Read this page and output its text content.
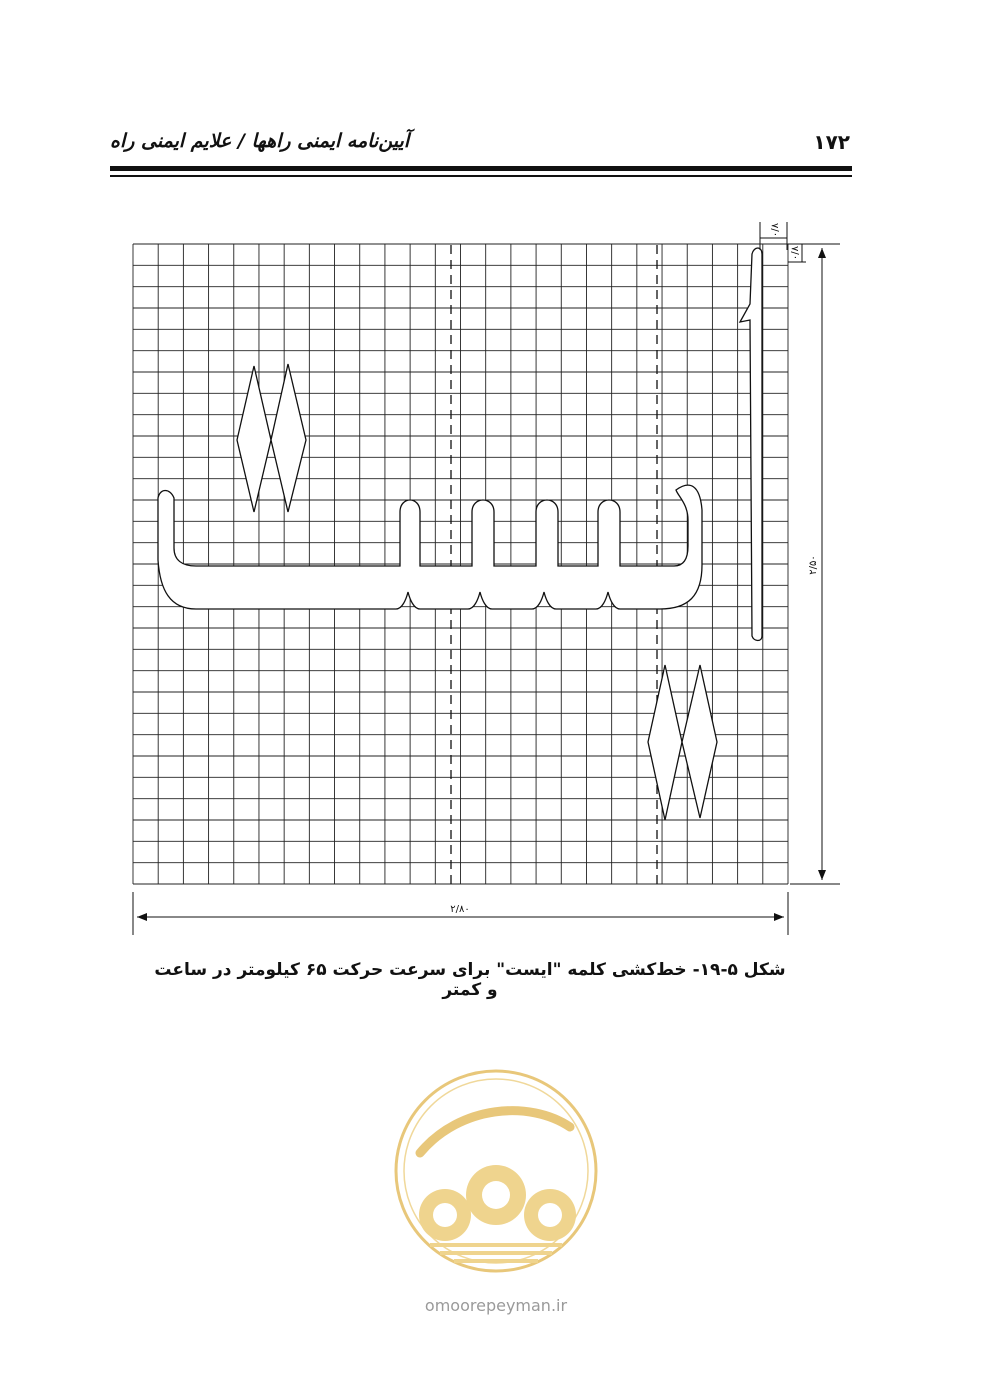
آیین‌نامه ایمنی راهها / علایم ایمنی راه	۱۷۲
۲/۸۰
۲/۵۰
۰/۸
۰/۸
شکل ۵-۱۹- خط‌کشی کلمه "ایست" برای سرعت حرکت ۶۵ کیلومتر در ساعت و کمتر
omoorepeyman.ir
